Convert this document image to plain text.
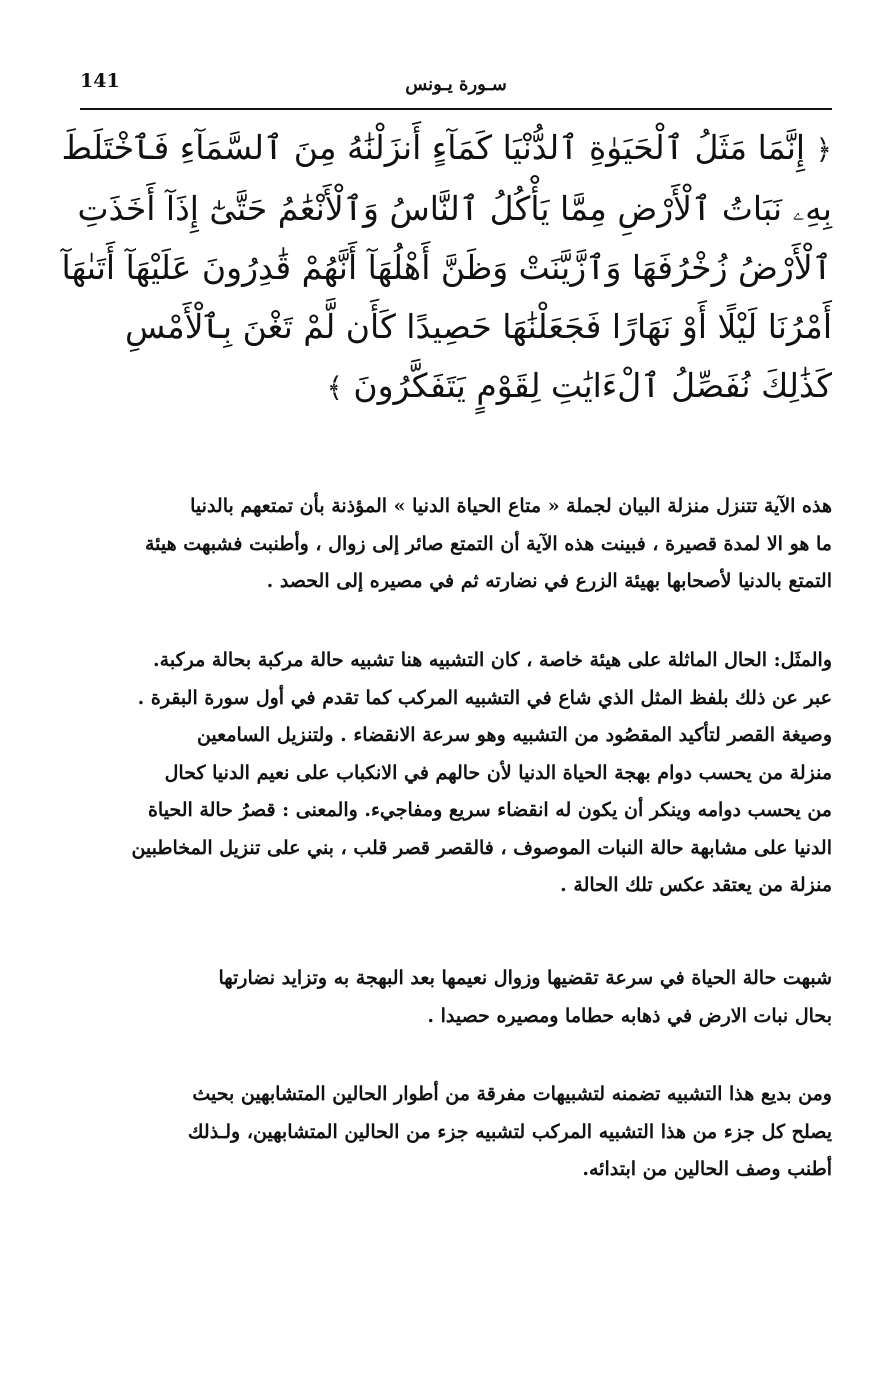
141	سـورة يـونس
﴿ إِنَّمَا مَثَلُ ٱلْحَيَوٰةِ ٱلدُّنْيَا كَمَآءٍ أَنزَلْنَٰهُ مِنَ ٱلسَّمَآءِ فَٱخْتَلَطَ
بِهِۦ نَبَاتُ ٱلْأَرْضِ مِمَّا يَأْكُلُ ٱلنَّاسُ وَٱلْأَنْعَٰمُ حَتَّىٰٓ إِذَآ أَخَذَتِ
ٱلْأَرْضُ زُخْرُفَهَا وَٱزَّيَّنَتْ وَظَنَّ أَهْلُهَآ أَنَّهُمْ قَٰدِرُونَ عَلَيْهَآ أَتَىٰهَآ
أَمْرُنَا لَيْلًا أَوْ نَهَارًا فَجَعَلْنَٰهَا حَصِيدًا كَأَن لَّمْ تَغْنَ بِٱلْأَمْسِ
كَذَٰلِكَ نُفَصِّلُ ٱلْءَايَٰتِ لِقَوْمٍ يَتَفَكَّرُونَ ﴾
هذه الآية تتنزل منزلة البيان لجملة « متاع الحياة الدنيا » المؤذنة بأن تمتعهم بالدنيا
ما هو الا لمدة قصيرة ، فبينت هذه الآية أن التمتع صائر إلى زوال ، وأطنبت فشبهت هيئة
التمتع بالدنيا لأصحابها بهيئة الزرع في نضارته ثم في مصيره إلى الحصد .
والمثَل: الحال الماثلة على هيئة خاصة ، كان التشبيه هنا تشبيه حالة مركبة بحالة مركبة.
عبر عن ذلك بلفظ المثل الذي شاع في التشبيه المركب كما تقدم في أول سورة البقرة .
وصيغة القصر لتأكيد المقصُود من التشبيه وهو سرعة الانقضاء . ولتنزيل السامعين
منزلة من يحسب دوام بهجة الحياة الدنيا لأن حالهم في الانكباب على نعيم الدنيا كحال
من يحسب دوامه وينكر أن يكون له انقضاء سريع ومفاجيء. والمعنى : قصرُ حالة الحياة
الدنيا على مشابهة حالة النبات الموصوف ، فالقصر قصر قلب ، بني على تنزيل المخاطبين
منزلة من يعتقد عكس تلك الحالة .
شبهت حالة الحياة في سرعة تقضيها وزوال نعيمها بعد البهجة به وتزايد نضارتها
بحال نبات الارض في ذهابه حطاما ومصيره حصيدا .
ومن بديع هذا التشبيه تضمنه لتشبيهات مفرقة من أطوار الحالين المتشابهين بحيث
يصلح كل جزء من هذا التشبيه المركب لتشبيه جزء من الحالين المتشابهين، ولـذلك
أطنب وصف الحالين من ابتدائه.
